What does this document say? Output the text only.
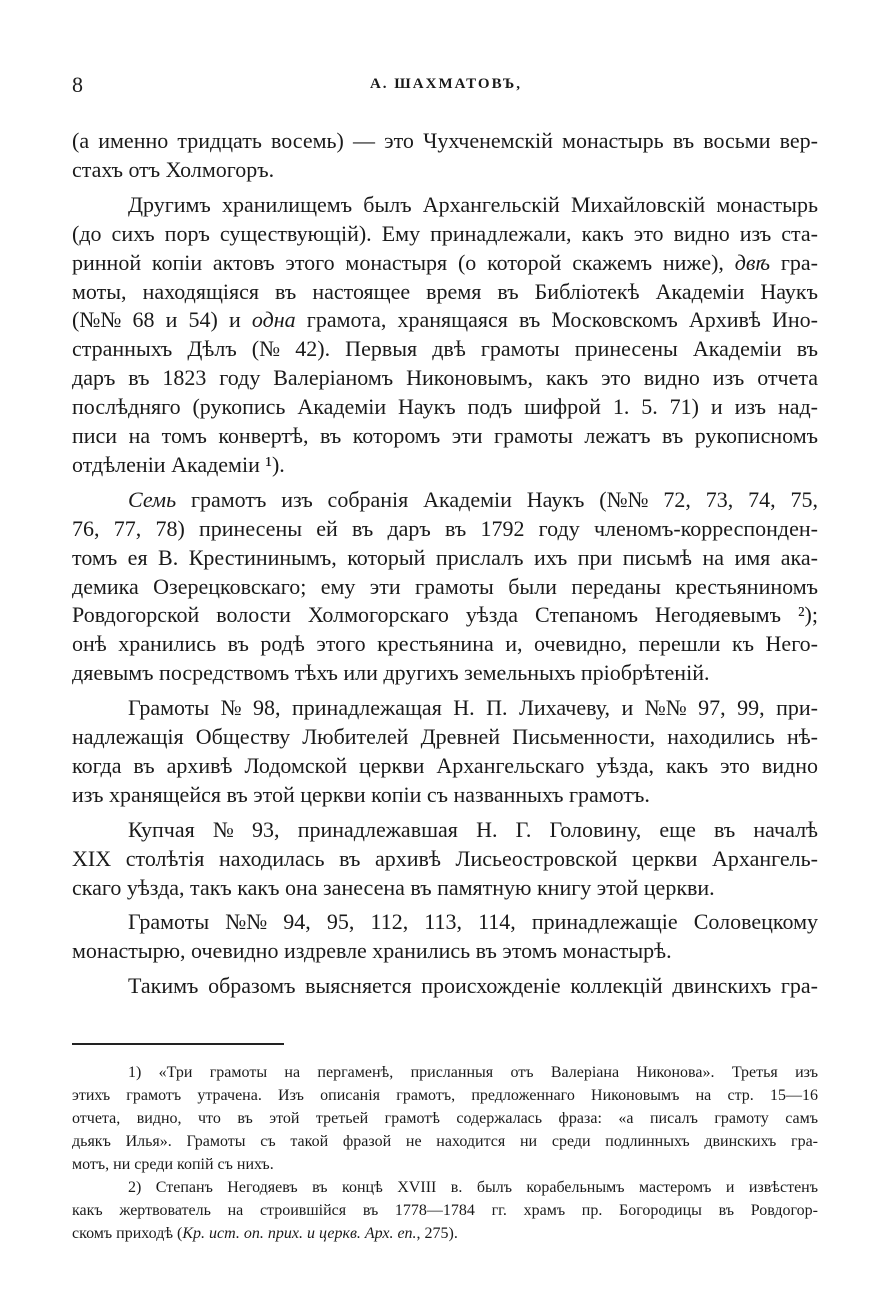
8	А. ШАХМАТОВЪ,
(а именно тридцать восемь) — это Чухченемскій монастырь въ восьми вер-
стахъ отъ Холмогоръ.
Другимъ хранилищемъ былъ Архангельскій Михайловскій монастырь
(до сихъ поръ существующій). Ему принадлежали, какъ это видно изъ ста-
ринной копіи актовъ этого монастыря (о которой скажемъ ниже), двѣ гра-
моты, находящіяся въ настоящее время въ Библіотекѣ Академіи Наукъ
(№№ 68 и 54) и одна грамота, хранящаяся въ Московскомъ Архивѣ Ино-
странныхъ Дѣлъ (№ 42). Первыя двѣ грамоты принесены Академіи въ
даръ въ 1823 году Валеріаномъ Никоновымъ, какъ это видно изъ отчета
послѣдняго (рукопись Академіи Наукъ подъ шифрой 1. 5. 71) и изъ над-
писи на томъ конвертѣ, въ которомъ эти грамоты лежатъ въ рукописномъ
отдѣленіи Академіи ¹).
Семь грамотъ изъ собранія Академіи Наукъ (№№ 72, 73, 74, 75,
76, 77, 78) принесены ей въ даръ въ 1792 году членомъ-корреспонден-
томъ ея В. Крестининымъ, который прислалъ ихъ при письмѣ на имя ака-
демика Озерецковскаго; ему эти грамоты были переданы крестьяниномъ
Ровдогорской волости Холмогорскаго уѣзда Степаномъ Негодяевымъ ²);
онѣ хранились въ родѣ этого крестьянина и, очевидно, перешли къ Него-
дяевымъ посредствомъ тѣхъ или другихъ земельныхъ пріобрѣтеній.
Грамоты № 98, принадлежащая Н. П. Лихачеву, и №№ 97, 99, при-
надлежащія Обществу Любителей Древней Письменности, находились нѣ-
когда въ архивѣ Лодомской церкви Архангельскаго уѣзда, какъ это видно
изъ хранящейся въ этой церкви копіи съ названныхъ грамотъ.
Купчая № 93, принадлежавшая Н. Г. Головину, еще въ началѣ
XIX столѣтія находилась въ архивѣ Лисьеостровской церкви Архангель-
скаго уѣзда, такъ какъ она занесена въ памятную книгу этой церкви.
Грамоты №№ 94, 95, 112, 113, 114, принадлежащіе Соловецкому
монастырю, очевидно издревле хранились въ этомъ монастырѣ.
Такимъ образомъ выясняется происхожденіе коллекцій двинскихъ гра-
1) «Три грамоты на пергаменѣ, присланныя отъ Валеріана Никонова». Третья изъ
этихъ грамотъ утрачена. Изъ описанія грамотъ, предложеннаго Никоновымъ на стр. 15—16
отчета, видно, что въ этой третьей грамотѣ содержалась фраза: «а писалъ грамоту самъ
дьякъ Илья». Грамоты съ такой фразой не находится ни среди подлинныхъ двинскихъ гра-
мотъ, ни среди копій съ нихъ.
2) Степанъ Негодяевъ въ концѣ XVIII в. былъ корабельнымъ мастеромъ и извѣстенъ
какъ жертвователь на строившійся въ 1778—1784 гг. храмъ пр. Богородицы въ Ровдогор-
скомъ приходѣ (Кр. ист. оп. прих. и церкв. Арх. еп., 275).
